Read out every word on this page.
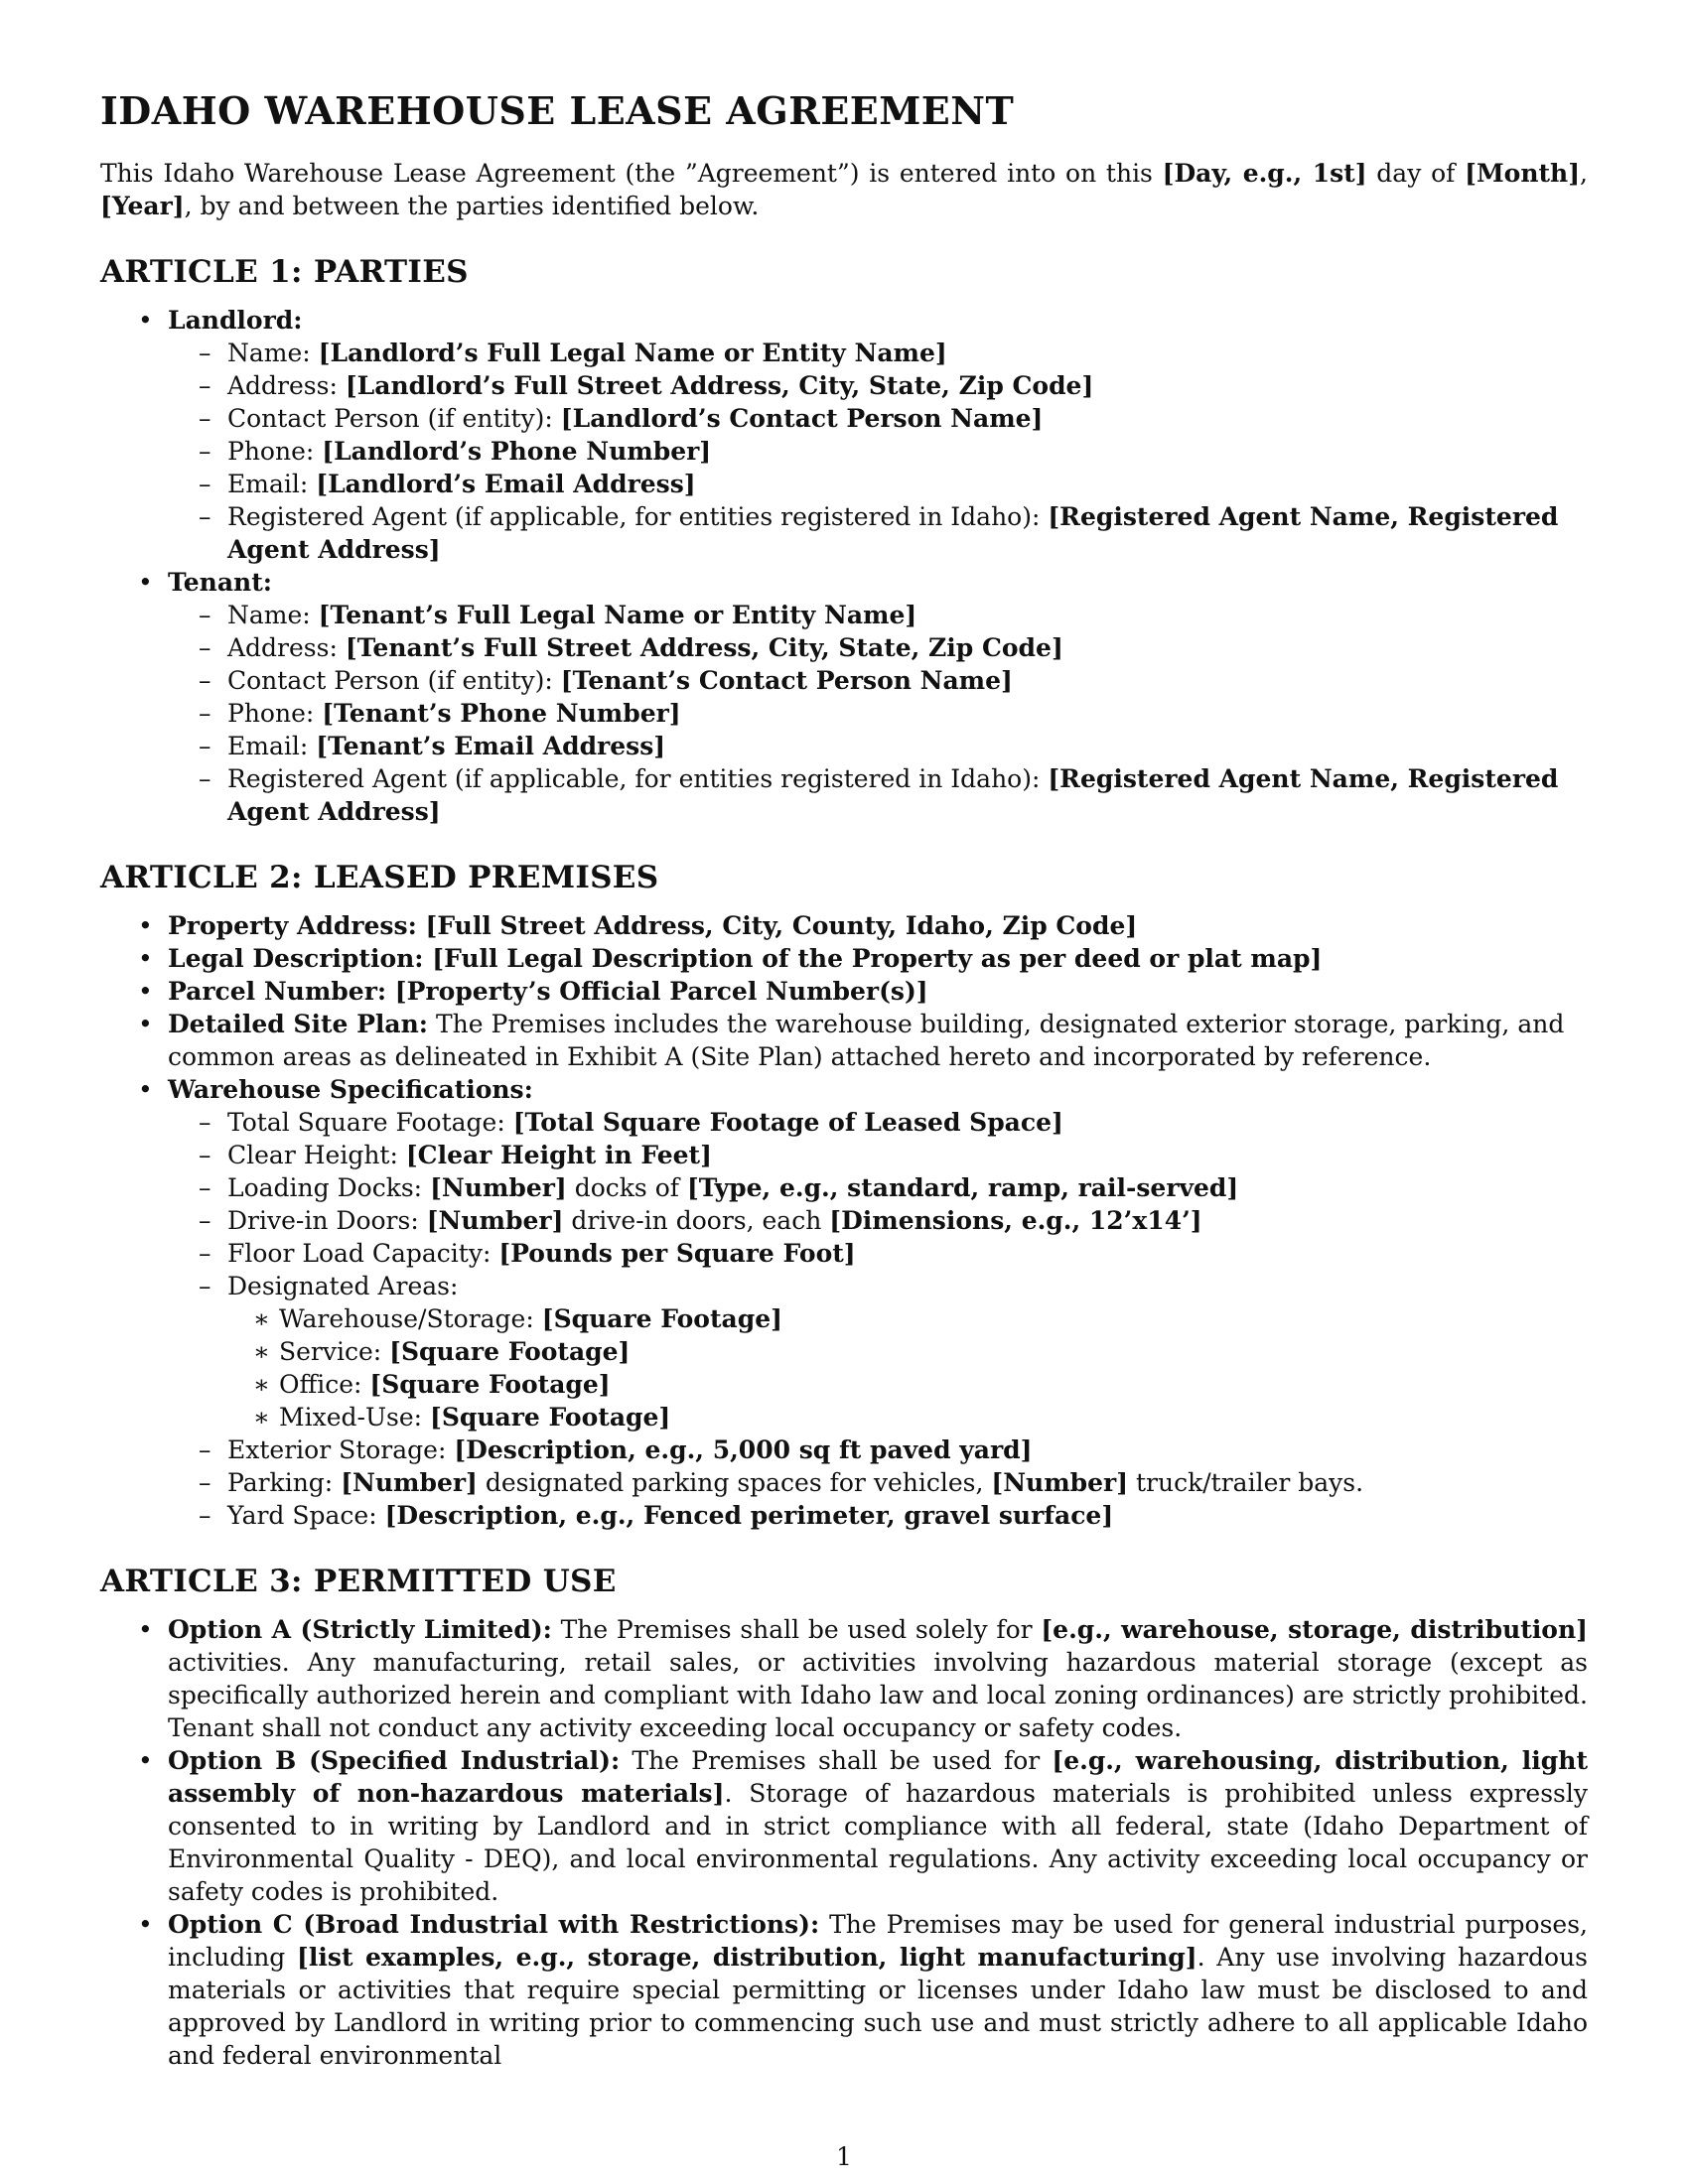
IDAHO WAREHOUSE LEASE AGREEMENT

This Idaho Warehouse Lease Agreement (the ”Agreement”) is entered into on this [Day, e.g., 1st] day of [Month], [Year], by and between the parties identified below.

ARTICLE 1: PARTIES
• Landlord:
– Name: [Landlord’s Full Legal Name or Entity Name]
– Address: [Landlord’s Full Street Address, City, State, Zip Code]
– Contact Person (if entity): [Landlord’s Contact Person Name]
– Phone: [Landlord’s Phone Number]
– Email: [Landlord’s Email Address]
– Registered Agent (if applicable, for entities registered in Idaho): [Registered Agent Name, Registered Agent Address]
• Tenant:
– Name: [Tenant’s Full Legal Name or Entity Name]
– Address: [Tenant’s Full Street Address, City, State, Zip Code]
– Contact Person (if entity): [Tenant’s Contact Person Name]
– Phone: [Tenant’s Phone Number]
– Email: [Tenant’s Email Address]
– Registered Agent (if applicable, for entities registered in Idaho): [Registered Agent Name, Registered Agent Address]
ARTICLE 2: LEASED PREMISES
• Property Address: [Full Street Address, City, County, Idaho, Zip Code]
• Legal Description: [Full Legal Description of the Property as per deed or plat map]
• Parcel Number: [Property’s Official Parcel Number(s)]
• Detailed Site Plan: The Premises includes the warehouse building, designated exterior storage, parking, and common areas as delineated in Exhibit A (Site Plan) attached hereto and incorporated by reference.
• Warehouse Specifications:
– Total Square Footage: [Total Square Footage of Leased Space]
– Clear Height: [Clear Height in Feet]
– Loading Docks: [Number] docks of [Type, e.g., standard, ramp, rail-served]
– Drive-in Doors: [Number] drive-in doors, each [Dimensions, e.g., 12’x14’]
– Floor Load Capacity: [Pounds per Square Foot]
– Designated Areas:
∗ Warehouse/Storage: [Square Footage]
∗ Service: [Square Footage]
∗ Office: [Square Footage]
∗ Mixed-Use: [Square Footage]
– Exterior Storage: [Description, e.g., 5,000 sq ft paved yard]
– Parking: [Number] designated parking spaces for vehicles, [Number] truck/trailer bays.
– Yard Space: [Description, e.g., Fenced perimeter, gravel surface]
ARTICLE 3: PERMITTED USE
• Option A (Strictly Limited): The Premises shall be used solely for [e.g., warehouse, storage, distribution] activities. Any manufacturing, retail sales, or activities involving hazardous material storage (except as specifically authorized herein and compliant with Idaho law and local zoning ordinances) are strictly prohibited. Tenant shall not conduct any activity exceeding local occupancy or safety codes.
• Option B (Specified Industrial): The Premises shall be used for [e.g., warehousing, distribution, light assembly of non-hazardous materials]. Storage of hazardous materials is prohibited unless expressly consented to in writing by Landlord and in strict compliance with all federal, state (Idaho Department of Environmental Quality - DEQ), and local environmental regulations. Any activity exceeding local occupancy or safety codes is prohibited.
• Option C (Broad Industrial with Restrictions): The Premises may be used for general industrial purposes, including [list examples, e.g., storage, distribution, light manufacturing]. Any use involving hazardous materials or activities that require special permitting or licenses under Idaho law must be disclosed to and approved by Landlord in writing prior to commencing such use and must strictly adhere to all applicable Idaho and federal environmental
1
